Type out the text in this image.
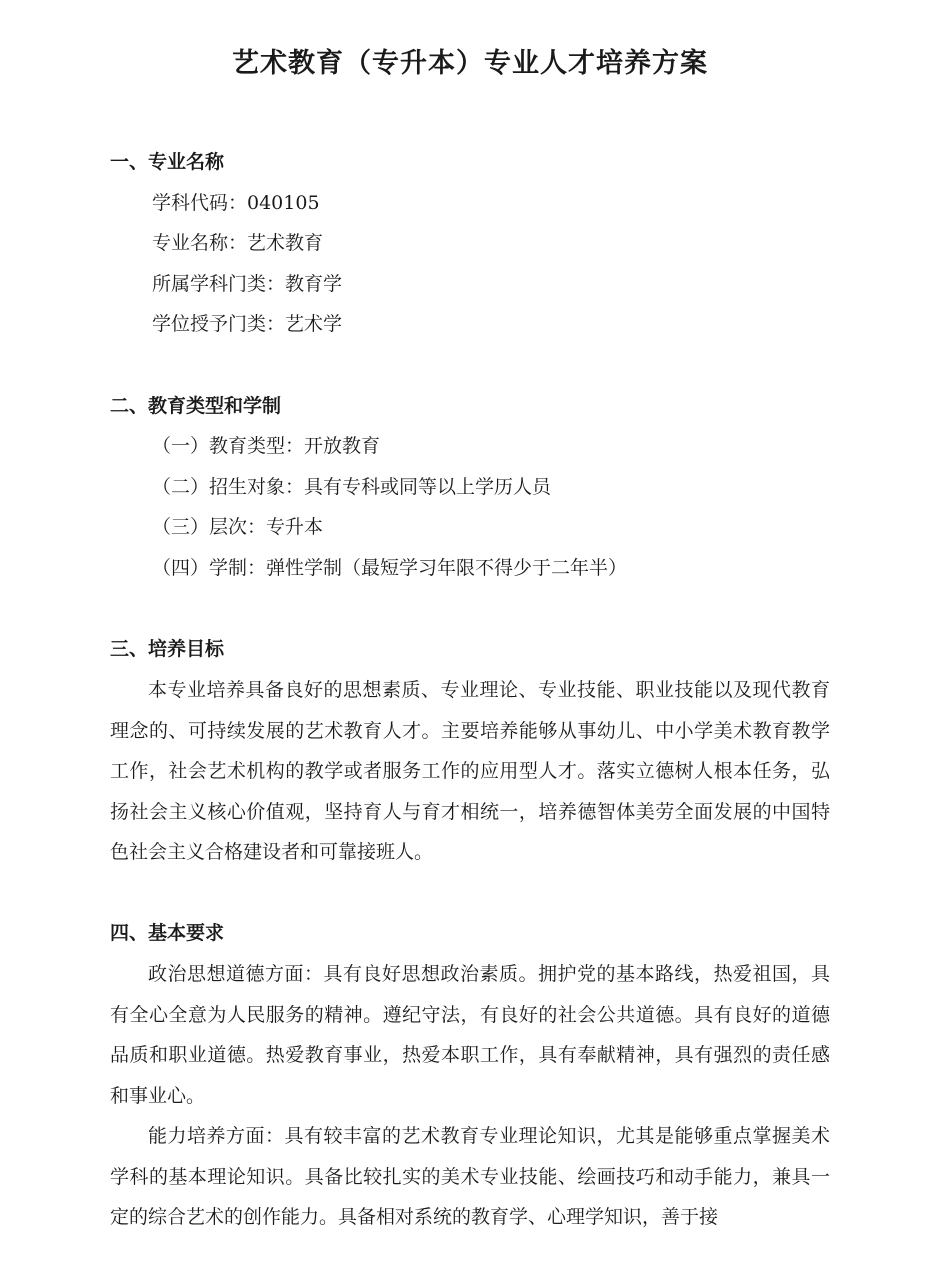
艺术教育（专升本）专业人才培养方案
一、专业名称
学科代码：040105
专业名称：艺术教育
所属学科门类：教育学
学位授予门类：艺术学
二、教育类型和学制
（一）教育类型：开放教育
（二）招生对象：具有专科或同等以上学历人员
（三）层次：专升本
（四）学制：弹性学制（最短学习年限不得少于二年半）
三、培养目标
本专业培养具备良好的思想素质、专业理论、专业技能、职业技能以及现代教育理念的、可持续发展的艺术教育人才。主要培养能够从事幼儿、中小学美术教育教学工作，社会艺术机构的教学或者服务工作的应用型人才。落实立德树人根本任务，弘扬社会主义核心价值观，坚持育人与育才相统一，培养德智体美劳全面发展的中国特色社会主义合格建设者和可靠接班人。
四、基本要求
政治思想道德方面：具有良好思想政治素质。拥护党的基本路线，热爱祖国，具有全心全意为人民服务的精神。遵纪守法，有良好的社会公共道德。具有良好的道德品质和职业道德。热爱教育事业，热爱本职工作，具有奉献精神，具有强烈的责任感和事业心。
能力培养方面：具有较丰富的艺术教育专业理论知识，尤其是能够重点掌握美术学科的基本理论知识。具备比较扎实的美术专业技能、绘画技巧和动手能力，兼具一定的综合艺术的创作能力。具备相对系统的教育学、心理学知识，善于接
